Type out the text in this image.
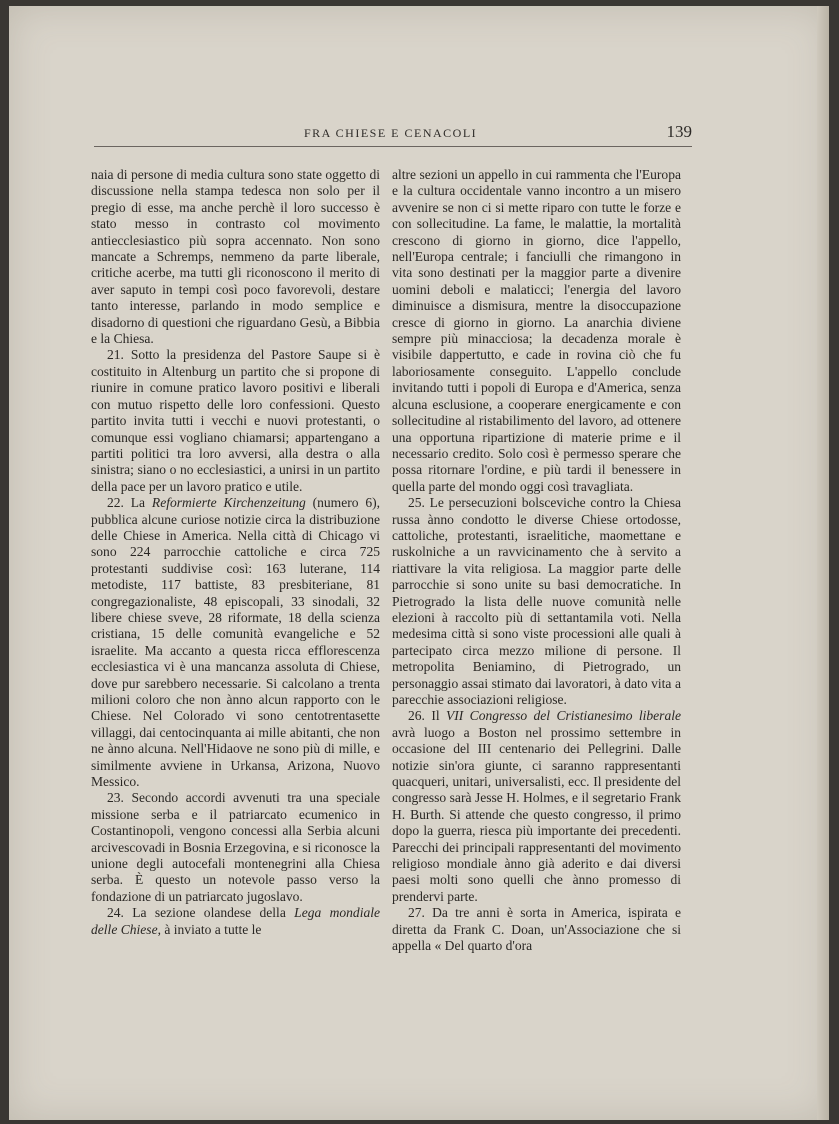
FRA CHIESE E CENACOLI	139

naia di persone di media cultura sono state oggetto di discussione nella stampa tedesca non solo per il pregio di esse, ma anche perchè il loro successo è stato messo in contrasto col movimento antiecclesiastico più sopra accennato. Non sono mancate a Schremps, nemmeno da parte liberale, critiche acerbe, ma tutti gli riconoscono il merito di aver saputo in tempi così poco favorevoli, destare tanto interesse, parlando in modo semplice e disadorno di questioni che riguardano Gesù, a Bibbia e la Chiesa.

21. Sotto la presidenza del Pastore Saupe si è costituito in Altenburg un partito che si propone di riunire in comune pratico lavoro positivi e liberali con mutuo rispetto delle loro confessioni. Questo partito invita tutti i vecchi e nuovi protestanti, o comunque essi vogliano chiamarsi; appartengano a partiti politici tra loro avversi, alla destra o alla sinistra; siano o no ecclesiastici, a unirsi in un partito della pace per un lavoro pratico e utile.

22. La Reformierte Kirchenzeitung (numero 6), pubblica alcune curiose notizie circa la distribuzione delle Chiese in America. Nella città di Chicago vi sono 224 parrocchie cattoliche e circa 725 protestanti suddivise così: 163 luterane, 114 metodiste, 117 battiste, 83 presbiteriane, 81 congregazionaliste, 48 episcopali, 33 sinodali, 32 libere chiese sveve, 28 riformate, 18 della scienza cristiana, 15 delle comunità evangeliche e 52 israelite. Ma accanto a questa ricca efflorescenza ecclesiastica vi è una mancanza assoluta di Chiese, dove pur sarebbero necessarie. Si calcolano a trenta milioni coloro che non ànno alcun rapporto con le Chiese. Nel Colorado vi sono centotrentasette villaggi, dai centocinquanta ai mille abitanti, che non ne ànno alcuna. Nell'Hidaove ne sono più di mille, e similmente avviene in Urkansa, Arizona, Nuovo Messico.

23. Secondo accordi avvenuti tra una speciale missione serba e il patriarcato ecumenico in Costantinopoli, vengono concessi alla Serbia alcuni arcivescovadi in Bosnia Erzegovina, e si riconosce la unione degli autocefali montenegrini alla Chiesa serba. È questo un notevole passo verso la fondazione di un patriarcato jugoslavo.

24. La sezione olandese della Lega mondiale delle Chiese, à inviato a tutte le

altre sezioni un appello in cui rammenta che l'Europa e la cultura occidentale vanno incontro a un misero avvenire se non ci si mette riparo con tutte le forze e con sollecitudine. La fame, le malattie, la mortalità crescono di giorno in giorno, dice l'appello, nell'Europa centrale; i fanciulli che rimangono in vita sono destinati per la maggior parte a divenire uomini deboli e malaticci; l'energia del lavoro diminuisce a dismisura, mentre la disoccupazione cresce di giorno in giorno. La anarchia diviene sempre più minacciosa; la decadenza morale è visibile dappertutto, e cade in rovina ciò che fu laboriosamente conseguito. L'appello conclude invitando tutti i popoli di Europa e d'America, senza alcuna esclusione, a cooperare energicamente e con sollecitudine al ristabilimento del lavoro, ad ottenere una opportuna ripartizione di materie prime e il necessario credito. Solo così è permesso sperare che possa ritornare l'ordine, e più tardi il benessere in quella parte del mondo oggi così travagliata.

25. Le persecuzioni bolsceviche contro la Chiesa russa ànno condotto le diverse Chiese ortodosse, cattoliche, protestanti, israelitiche, maomettane e ruskolniche a un ravvicinamento che à servito a riattivare la vita religiosa. La maggior parte delle parrocchie si sono unite su basi democratiche. In Pietrogrado la lista delle nuove comunità nelle elezioni à raccolto più di settantamila voti. Nella medesima città si sono viste processioni alle quali à partecipato circa mezzo milione di persone. Il metropolita Beniamino, di Pietrogrado, un personaggio assai stimato dai lavoratori, à dato vita a parecchie associazioni religiose.

26. Il VII Congresso del Cristianesimo liberale avrà luogo a Boston nel prossimo settembre in occasione del III centenario dei Pellegrini. Dalle notizie sin'ora giunte, ci saranno rappresentanti quacqueri, unitari, universalisti, ecc. Il presidente del congresso sarà Jesse H. Holmes, e il segretario Frank H. Burth. Si attende che questo congresso, il primo dopo la guerra, riesca più importante dei precedenti. Parecchi dei principali rappresentanti del movimento religioso mondiale ànno già aderito e dai diversi paesi molti sono quelli che ànno promesso di prendervi parte.

27. Da tre anni è sorta in America, ispirata e diretta da Frank C. Doan, un'Associazione che si appella « Del quarto d'ora
